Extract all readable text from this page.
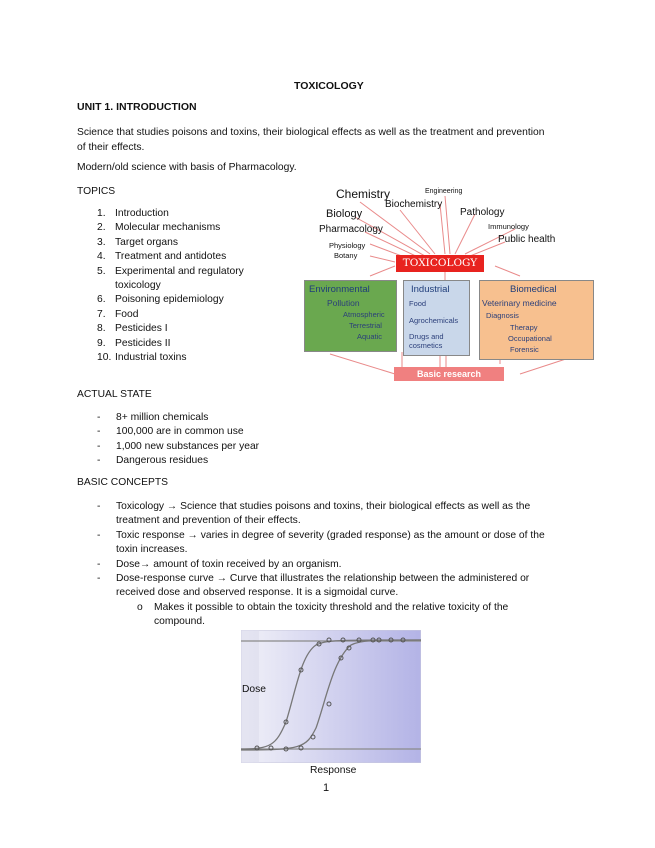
TOXICOLOGY
UNIT 1. INTRODUCTION
Science that studies poisons and toxins, their biological effects as well as the treatment and prevention
of their effects.
Modern/old science with basis of Pharmacology.
TOPICS
1. Introduction
2. Molecular mechanisms
3. Target organs
4. Treatment and antidotes
5. Experimental and regulatory toxicology
6. Poisoning epidemiology
7. Food
8. Pesticides I
9. Pesticides II
10. Industrial toxins
Chemistry	Engineering
Biochemistry
Biology	Pathology
Immunology
Pharmacology
Public health
Physiology
Botany
TOXICOLOGY
Environmental
Pollution
Atmospheric
Terrestrial
Aquatic
Industrial
Food
Agrochemicals
Drugs and
cosmetics
Biomedical
Veterinary medicine
Diagnosis
Therapy
Occupational
Forensic
Basic research
ACTUAL STATE
-	8+ million chemicals
-	100,000 are in common use
-	1,000 new substances per year
-	Dangerous residues
BASIC CONCEPTS
-	Toxicology → Science that studies poisons and toxins, their biological effects as well as the
treatment and prevention of their effects.
-	Toxic response → varies in degree of severity (graded response) as the amount or dose of the
toxin increases.
-	Dose→ amount of toxin received by an organism.
-	Dose-response curve → Curve that illustrates the relationship between the administered or
received dose and observed response. It is a sigmoidal curve.
o	Makes it possible to obtain the toxicity threshold and the relative toxicity of the
compound.
Dose
Response
1
